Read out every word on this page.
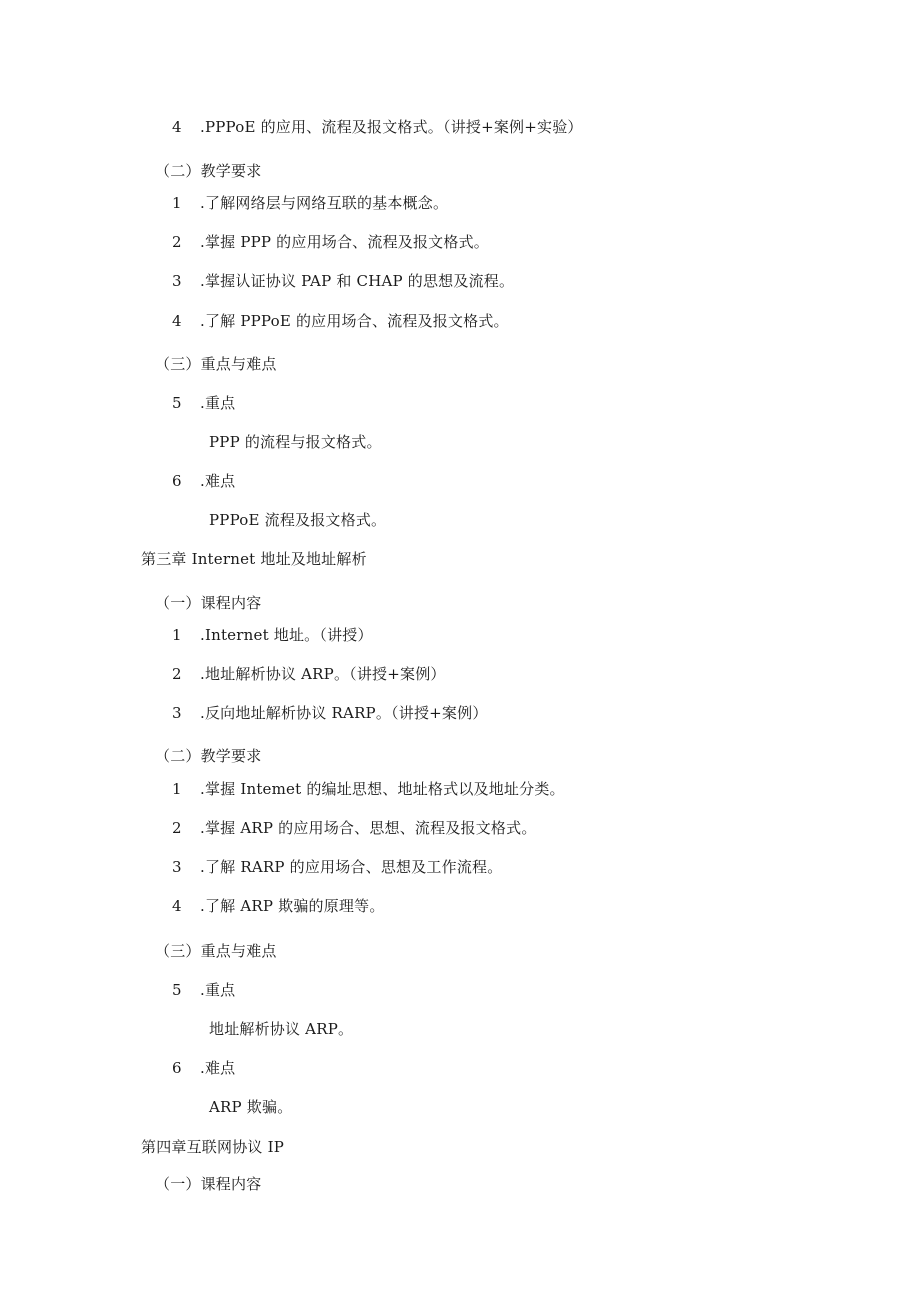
4 .PPPoE 的应用、流程及报文格式。（讲授+案例+实验）

（二）教学要求

1 .了解网络层与网络互联的基本概念。

2 .掌握 PPP 的应用场合、流程及报文格式。

3 .掌握认证协议 PAP 和 CHAP 的思想及流程。

4 .了解 PPPoE 的应用场合、流程及报文格式。

（三）重点与难点

5 .重点

PPP 的流程与报文格式。

6 .难点

PPPoE 流程及报文格式。

第三章 Internet 地址及地址解析

（一）课程内容

1 .Internet 地址。（讲授）

2 .地址解析协议 ARP。（讲授+案例）

3 .反向地址解析协议 RARP。（讲授+案例）

（二）教学要求

1 .掌握 Intemet 的编址思想、地址格式以及地址分类。

2 .掌握 ARP 的应用场合、思想、流程及报文格式。

3 .了解 RARP 的应用场合、思想及工作流程。

4 .了解 ARP 欺骗的原理等。

（三）重点与难点

5 .重点

地址解析协议 ARP。

6 .难点

ARP 欺骗。

第四章互联网协议 IP

（一）课程内容
